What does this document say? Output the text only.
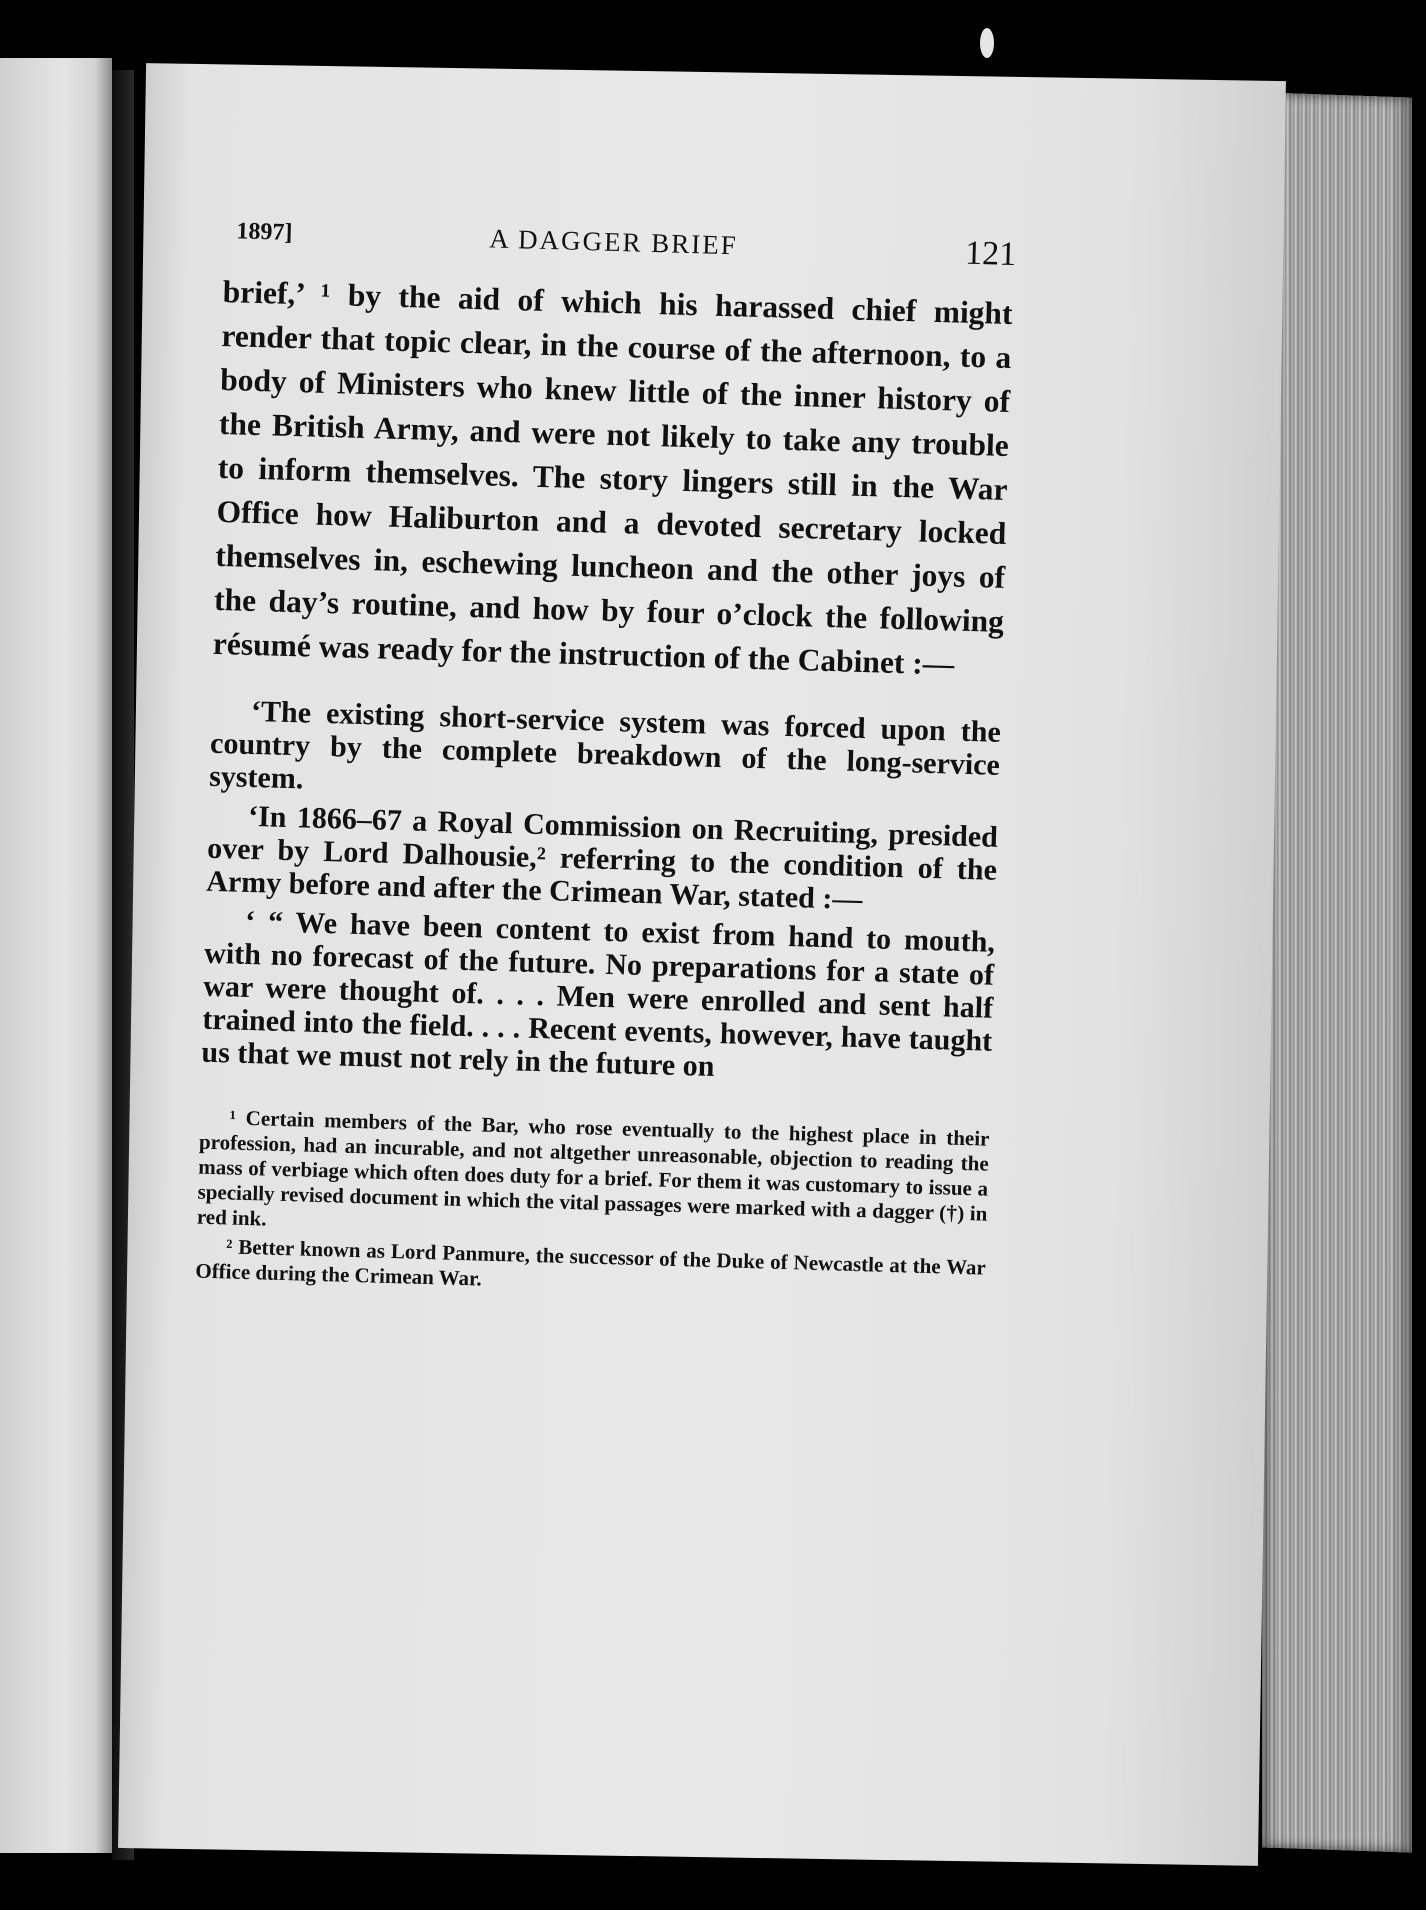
1897]	A DAGGER BRIEF	121

brief,’ ¹ by the aid of which his harassed chief might render that topic clear, in the course of the afternoon, to a body of Ministers who knew little of the inner history of the British Army, and were not likely to take any trouble to inform themselves. The story lingers still in the War Office how Haliburton and a devoted secretary locked themselves in, eschewing luncheon and the other joys of the day’s routine, and how by four o’clock the following résumé was ready for the instruction of the Cabinet :—

‘The existing short-service system was forced upon the country by the complete breakdown of the long-service system.

‘In 1866–67 a Royal Commission on Recruiting, presided over by Lord Dalhousie,² referring to the condition of the Army before and after the Crimean War, stated :—

‘ “ We have been content to exist from hand to mouth, with no forecast of the future. No preparations for a state of war were thought of. . . . Men were enrolled and sent half trained into the field. . . . Recent events, however, have taught us that we must not rely in the future on

¹ Certain members of the Bar, who rose eventually to the highest place in their profession, had an incurable, and not altgether unreasonable, objection to reading the mass of verbiage which often does duty for a brief. For them it was customary to issue a specially revised document in which the vital passages were marked with a dagger (†) in red ink.

² Better known as Lord Panmure, the successor of the Duke of Newcastle at the War Office during the Crimean War.
